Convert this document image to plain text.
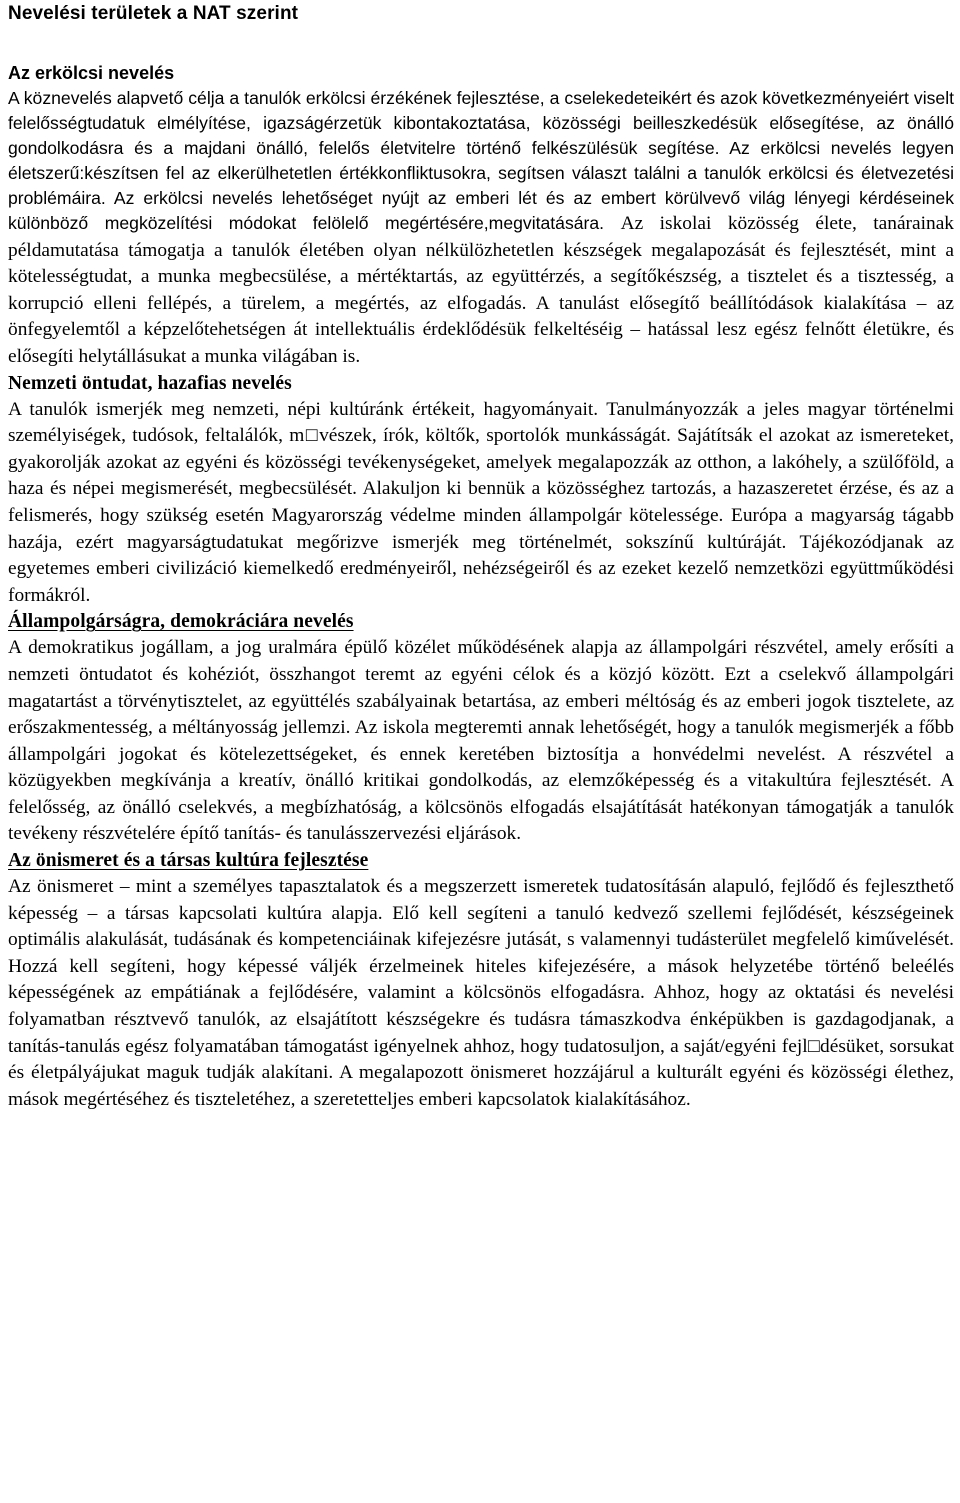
Nevelési területek a NAT szerint
Az erkölcsi nevelés

A köznevelés alapvető célja a tanulók erkölcsi érzékének fejlesztése, a cselekedeteikért és azok következményeiért viselt felelősségtudatuk elmélyítése, igazságérzetük kibontakoztatása, közösségi beilleszkedésük elősegítése, az önálló gondolkodásra és a majdani önálló, felelős életvitelre történő felkészülésük segítése. Az erkölcsi nevelés legyen életszerű:készítsen fel az elkerülhetetlen értékkonfliktusokra, segítsen választ találni a tanulók erkölcsi és életvezetési problémáira. Az erkölcsi nevelés lehetőséget nyújt az emberi lét és az embert körülvevő világ lényegi kérdéseinek különböző megközelítési módokat felölelő megértésére,megvitatására. Az iskolai közösség élete, tanárainak példamutatása támogatja a tanulók életében olyan nélkülözhetetlen készségek megalapozását és fejlesztését, mint a kötelességtudat, a munka megbecsülése, a mértéktartás, az együttérzés, a segítőkészség, a tisztelet és a tisztesség, a korrupció elleni fellépés, a türelem, a megértés, az elfogadás. A tanulást elősegítő beállítódások kialakítása – az önfegyelemtől a képzelőtehetségen át intellektuális érdeklődésük felkeltéséig – hatással lesz egész felnőtt életükre, és elősegíti helytállásukat a munka világában is.

Nemzeti öntudat, hazafias nevelés

A tanulók ismerjék meg nemzeti, népi kultúránk értékeit, hagyományait. Tanulmányozzák a jeles magyar történelmi személyiségek, tudósok, feltalálók, m□vészek, írók, költők, sportolók munkásságát. Sajátítsák el azokat az ismereteket, gyakorolják azokat az egyéni és közösségi tevékenységeket, amelyek megalapozzák az otthon, a lakóhely, a szülőföld, a haza és népei megismerését, megbecsülését. Alakuljon ki bennük a közösséghez tartozás, a hazaszeretet érzése, és az a felismerés, hogy szükség esetén Magyarország védelme minden állampolgár kötelessége. Európa a magyarság tágabb hazája, ezért magyarságtudatukat megőrizve ismerjék meg történelmét, sokszínű kultúráját. Tájékozódjanak az egyetemes emberi civilizáció kiemelkedő eredményeiről, nehézségeiről és az ezeket kezelő nemzetközi együttműködési formákról.

Állampolgárságra, demokráciára nevelés

A demokratikus jogállam, a jog uralmára épülő közélet működésének alapja az állampolgári részvétel, amely erősíti a nemzeti öntudatot és kohéziót, összhangot teremt az egyéni célok és a közjó között. Ezt a cselekvő állampolgári magatartást a törvénytisztelet, az együttélés szabályainak betartása, az emberi méltóság és az emberi jogok tisztelete, az erőszakmentesség, a méltányosság jellemzi. Az iskola megteremti annak lehetőségét, hogy a tanulók megismerjék a főbb állampolgári jogokat és kötelezettségeket, és ennek keretében biztosítja a honvédelmi nevelést. A részvétel a közügyekben megkívánja a kreatív, önálló kritikai gondolkodás, az elemzőképesség és a vitakultúra fejlesztését. A felelősség, az önálló cselekvés, a megbízhatóság, a kölcsönös elfogadás elsajátítását hatékonyan támogatják a tanulók tevékeny részvételére építő tanítás- és tanulásszervezési eljárások.

Az önismeret és a társas kultúra fejlesztése

Az önismeret – mint a személyes tapasztalatok és a megszerzett ismeretek tudatosításán alapuló, fejlődő és fejleszthető képesség – a társas kapcsolati kultúra alapja. Elő kell segíteni a tanuló kedvező szellemi fejlődését, készségeinek optimális alakulását, tudásának és kompetenciáinak kifejezésre jutását, s valamennyi tudásterület megfelelő kiművelését. Hozzá kell segíteni, hogy képessé váljék érzelmeinek hiteles kifejezésére, a mások helyzetébe történő beleélés képességének az empátiának a fejlődésére, valamint a kölcsönös elfogadásra. Ahhoz, hogy az oktatási és nevelési folyamatban résztvevő tanulók, az elsajátított készségekre és tudásra támaszkodva énképükben is gazdagodjanak, a tanítás-tanulás egész folyamatában támogatást igényelnek ahhoz, hogy tudatosuljon, a saját/egyéni fejl□désüket, sorsukat és életpályájukat maguk tudják alakítani. A megalapozott önismeret hozzájárul a kulturált egyéni és közösségi élethez, mások megértéséhez és tiszteletéhez, a szeretetteljes emberi kapcsolatok kialakításához.
